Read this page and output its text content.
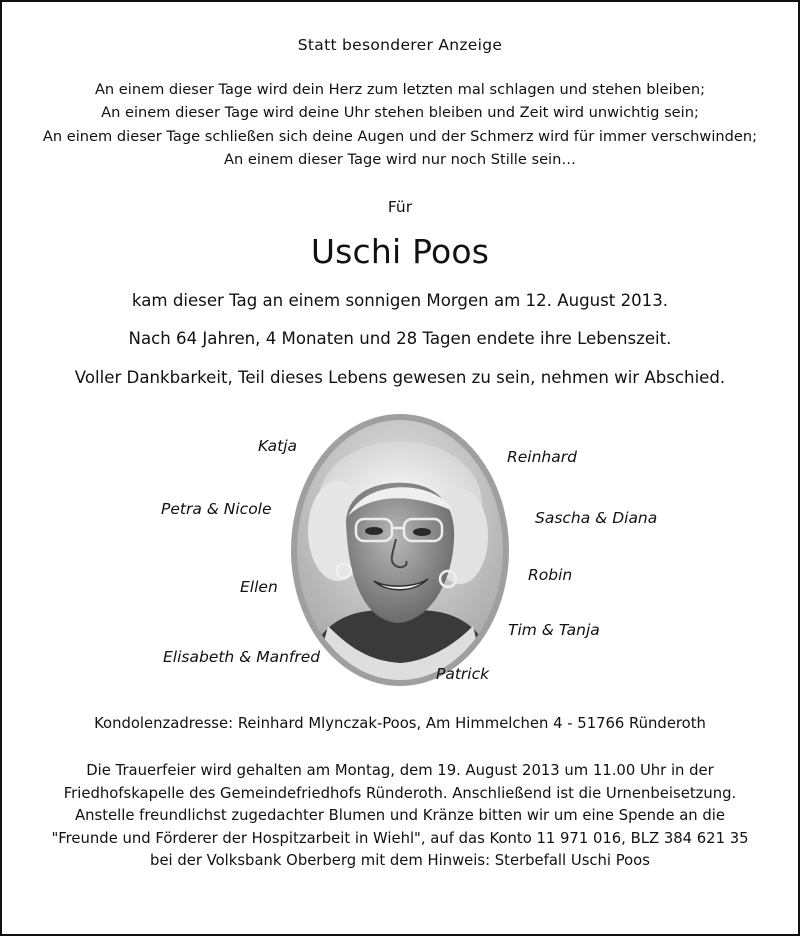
Statt besonderer Anzeige
An einem dieser Tage wird dein Herz zum letzten mal schlagen und stehen bleiben;
An einem dieser Tage wird deine Uhr stehen bleiben und Zeit wird unwichtig sein;
An einem dieser Tage schließen sich deine Augen und der Schmerz wird für immer verschwinden;
An einem dieser Tage wird nur noch Stille sein…
Für
Uschi Poos
kam dieser Tag an einem sonnigen Morgen am 12. August 2013.
Nach 64 Jahren, 4 Monaten und 28 Tagen endete ihre Lebenszeit.
Voller Dankbarkeit, Teil dieses Lebens gewesen zu sein, nehmen wir Abschied.
Katja
Petra & Nicole
Ellen
Elisabeth & Manfred
Reinhard
Sascha & Diana
Robin
Tim & Tanja
Patrick
Kondolenzadresse: Reinhard Mlynczak-Poos, Am Himmelchen 4 - 51766 Ründeroth
Die Trauerfeier wird gehalten am Montag, dem 19. August 2013 um 11.00 Uhr in der
Friedhofskapelle des Gemeindefriedhofs Ründeroth. Anschließend ist die Urnenbeisetzung.
Anstelle freundlichst zugedachter Blumen und Kränze bitten wir um eine Spende an die
"Freunde und Förderer der Hospitzarbeit in Wiehl", auf das Konto 11 971 016, BLZ 384 621 35
bei der Volksbank Oberberg mit dem Hinweis: Sterbefall Uschi Poos
